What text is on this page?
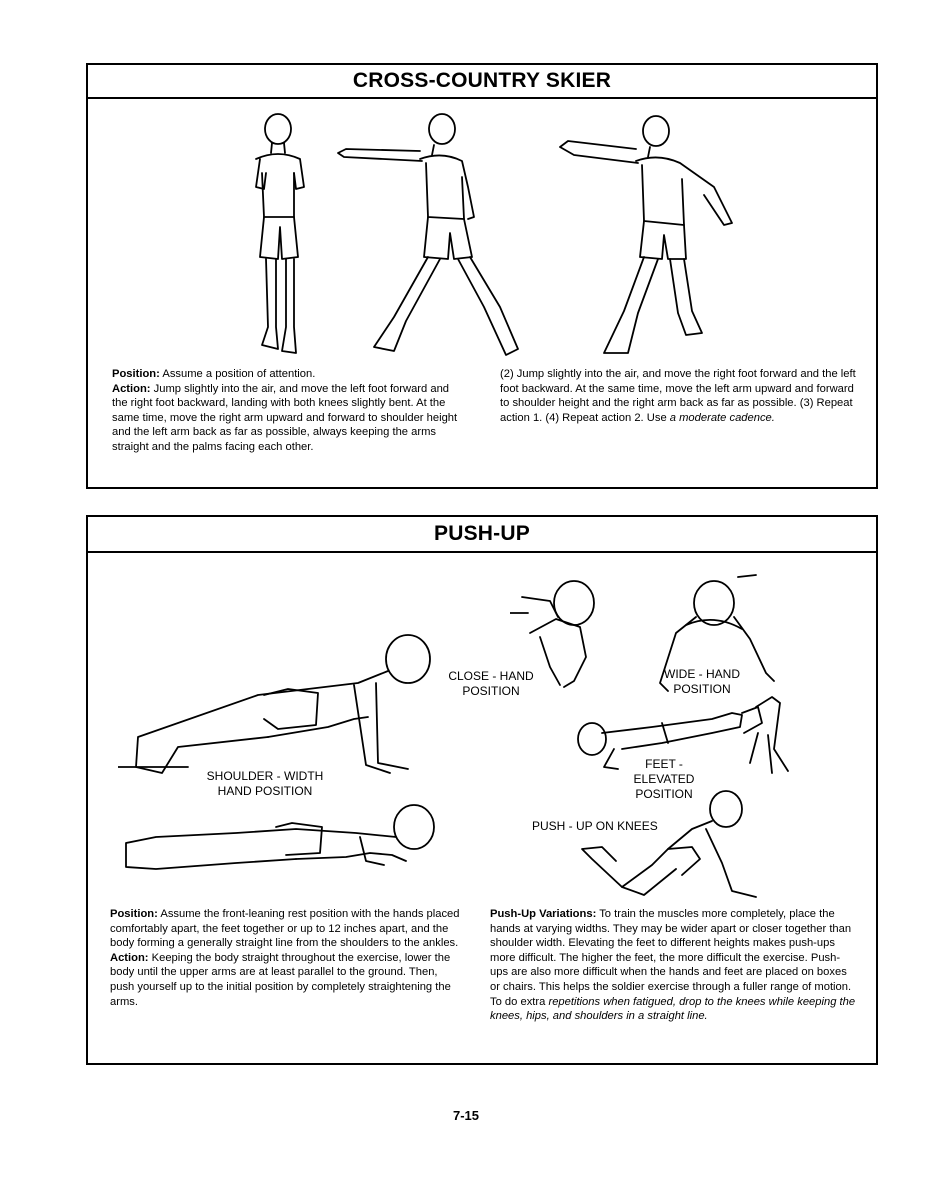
CROSS-COUNTRY SKIER
Position: Assume a position of attention.
Action: Jump slightly into the air, and move the left foot forward and the right foot backward, landing with both knees slightly bent. At the same time, move the right arm upward and forward to shoulder height and the left arm back as far as possible, always keeping the arms straight and the palms facing each other.
(2) Jump slightly into the air, and move the right foot forward and the left foot backward. At the same time, move the left arm upward and forward to shoulder height and the right arm back as far as possible. (3) Repeat action 1. (4) Repeat action 2. Use a moderate cadence.
PUSH-UP
SHOULDER - WIDTH HAND POSITION
CLOSE - HAND POSITION
WIDE - HAND POSITION
FEET - ELEVATED POSITION
PUSH - UP ON KNEES
Position: Assume the front-leaning rest position with the hands placed comfortably apart, the feet together or up to 12 inches apart, and the body forming a generally straight line from the shoulders to the ankles.
Action: Keeping the body straight throughout the exercise, lower the body until the upper arms are at least parallel to the ground. Then, push yourself up to the initial position by completely straightening the arms.
Push-Up Variations: To train the muscles more completely, place the hands at varying widths. They may be wider apart or closer together than shoulder width. Elevating the feet to different heights makes push-ups more difficult. The higher the feet, the more difficult the exercise. Push-ups are also more difficult when the hands and feet are placed on boxes or chairs. This helps the soldier exercise through a fuller range of motion. To do extra repetitions when fatigued, drop to the knees while keeping the knees, hips, and shoulders in a straight line.
7-15
